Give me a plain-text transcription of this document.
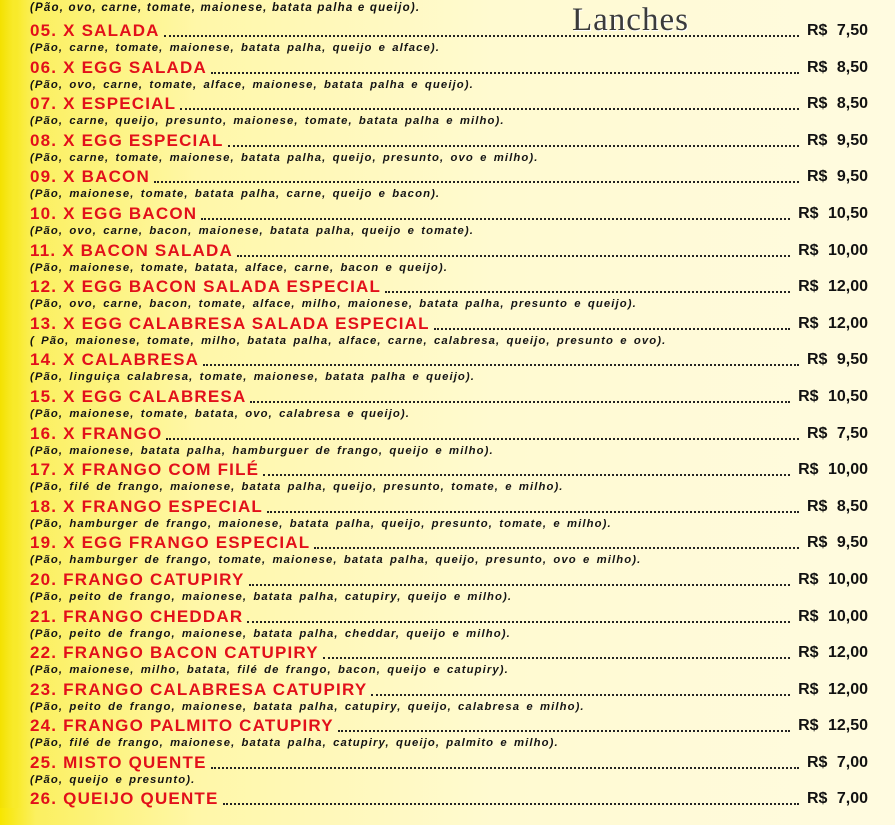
(Pão, ovo, carne, tomate, maionese, batata palha e queijo).	Lanches
05. X SALADA	R$ 7,50
(Pão, carne, tomate, maionese, batata palha, queijo e alface).
06. X EGG SALADA	R$ 8,50
(Pão, ovo, carne, tomate, alface, maionese, batata palha e queijo).
07. X ESPECIAL	R$ 8,50
(Pão, carne, queijo, presunto, maionese, tomate, batata palha e milho).
08. X EGG ESPECIAL	R$ 9,50
(Pão, carne, tomate, maionese, batata palha, queijo, presunto, ovo e milho).
09. X BACON	R$ 9,50
(Pão, maionese, tomate, batata palha, carne, queijo e bacon).
10. X EGG BACON	R$ 10,50
(Pão, ovo, carne, bacon, maionese, batata palha, queijo e tomate).
11. X BACON SALADA	R$ 10,00
(Pão, maionese, tomate, batata, alface, carne, bacon e queijo).
12. X EGG BACON SALADA ESPECIAL	R$ 12,00
(Pão, ovo, carne, bacon, tomate, alface, milho, maionese, batata palha, presunto e queijo).
13. X EGG CALABRESA SALADA ESPECIAL	R$ 12,00
( Pão, maionese, tomate, milho, batata palha, alface, carne, calabresa, queijo, presunto e ovo).
14. X CALABRESA	R$ 9,50
(Pão, linguiça calabresa, tomate, maionese, batata palha e queijo).
15. X EGG CALABRESA	R$ 10,50
(Pão, maionese, tomate, batata, ovo, calabresa e queijo).
16. X FRANGO	R$ 7,50
(Pão, maionese, batata palha, hamburguer de frango, queijo e milho).
17. X FRANGO COM FILÉ	R$ 10,00
(Pão, filé de frango, maionese, batata palha, queijo, presunto, tomate, e milho).
18. X FRANGO ESPECIAL	R$ 8,50
(Pão, hamburger de frango, maionese, batata palha, queijo, presunto, tomate, e milho).
19. X EGG FRANGO ESPECIAL	R$ 9,50
(Pão, hamburger de frango, tomate, maionese, batata palha, queijo, presunto, ovo e milho).
20. FRANGO CATUPIRY	R$ 10,00
(Pão, peito de frango, maionese, batata palha, catupiry, queijo e milho).
21. FRANGO CHEDDAR	R$ 10,00
(Pão, peito de frango, maionese, batata palha, cheddar, queijo e milho).
22. FRANGO BACON CATUPIRY	R$ 12,00
(Pão, maionese, milho, batata, filé de frango, bacon, queijo e catupiry).
23. FRANGO CALABRESA CATUPIRY	R$ 12,00
(Pão, peito de frango, maionese, batata palha, catupiry, queijo, calabresa e milho).
24. FRANGO PALMITO CATUPIRY	R$ 12,50
(Pão, filé de frango, maionese, batata palha, catupiry, queijo, palmito e milho).
25. MISTO QUENTE	R$ 7,00
(Pão, queijo e presunto).
26. QUEIJO QUENTE	R$ 7,00
